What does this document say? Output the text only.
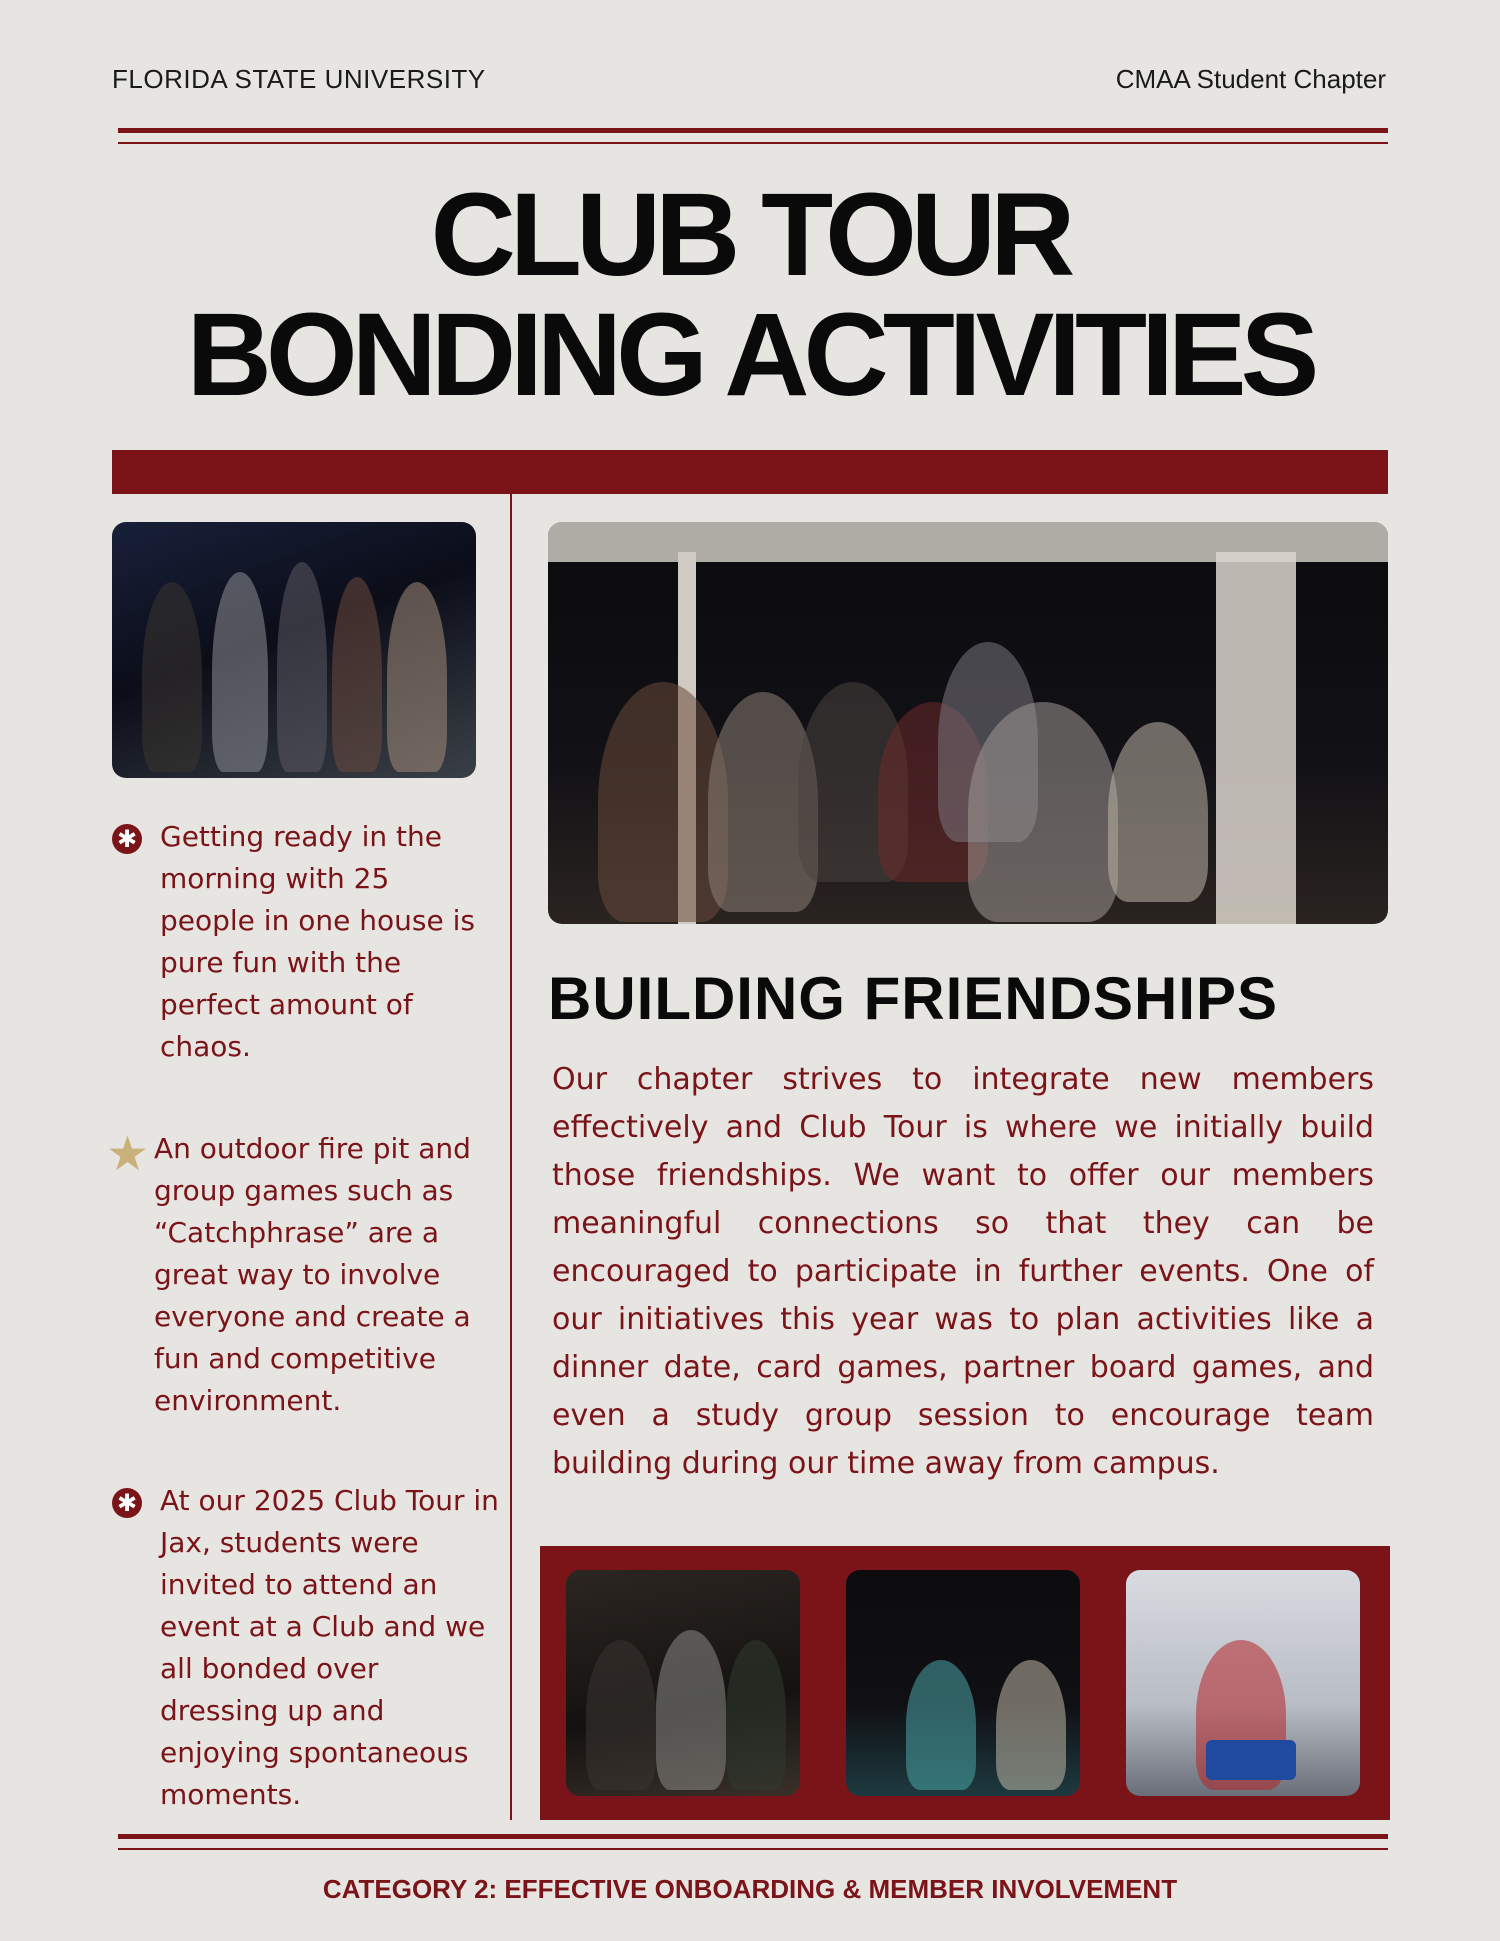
FLORIDA STATE UNIVERSITY	CMAA Student Chapter
CLUB TOUR
BONDING ACTIVITIES
✱ Getting ready in the morning with 25 people in one house is pure fun with the perfect amount of chaos.
★ An outdoor fire pit and group games such as “Catchphrase” are a great way to involve everyone and create a fun and competitive environment.
✱ At our 2025 Club Tour in Jax, students were invited to attend an event at a Club and we all bonded over dressing up and enjoying spontaneous moments.
BUILDING FRIENDSHIPS
Our chapter strives to integrate new members effectively and Club Tour is where we initially build those friendships. We want to offer our members meaningful connections so that they can be encouraged to participate in further events. One of our initiatives this year was to plan activities like a dinner date, card games, partner board games, and even a study group session to encourage team building during our time away from campus.
CATEGORY 2: EFFECTIVE ONBOARDING & MEMBER INVOLVEMENT
